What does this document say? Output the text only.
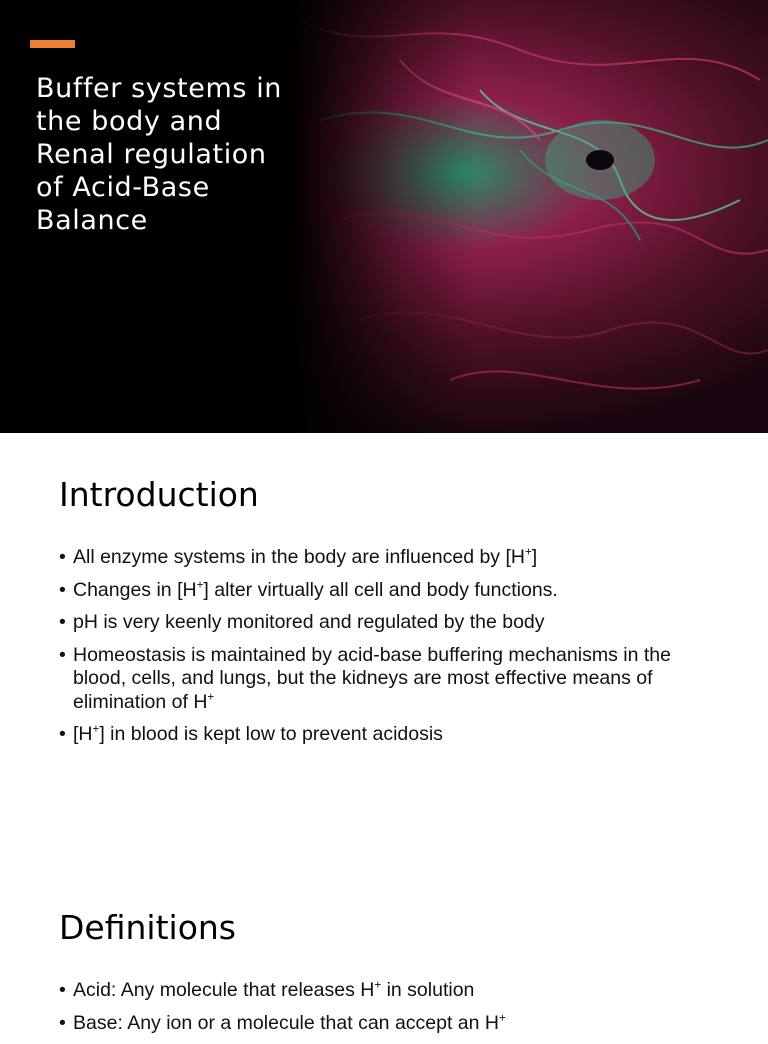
Buffer systems in the body and Renal regulation of Acid-Base Balance
Introduction
• All enzyme systems in the body are influenced by [H+]
• Changes in [H+] alter virtually all cell and body functions.
• pH is very keenly monitored and regulated by the body
• Homeostasis is maintained by acid-base buffering mechanisms in the blood, cells, and lungs, but the kidneys are most effective means of elimination of H+
• [H+] in blood is kept low to prevent acidosis
Definitions
• Acid: Any molecule that releases H+ in solution
• Base: Any ion or a molecule that can accept an H+
